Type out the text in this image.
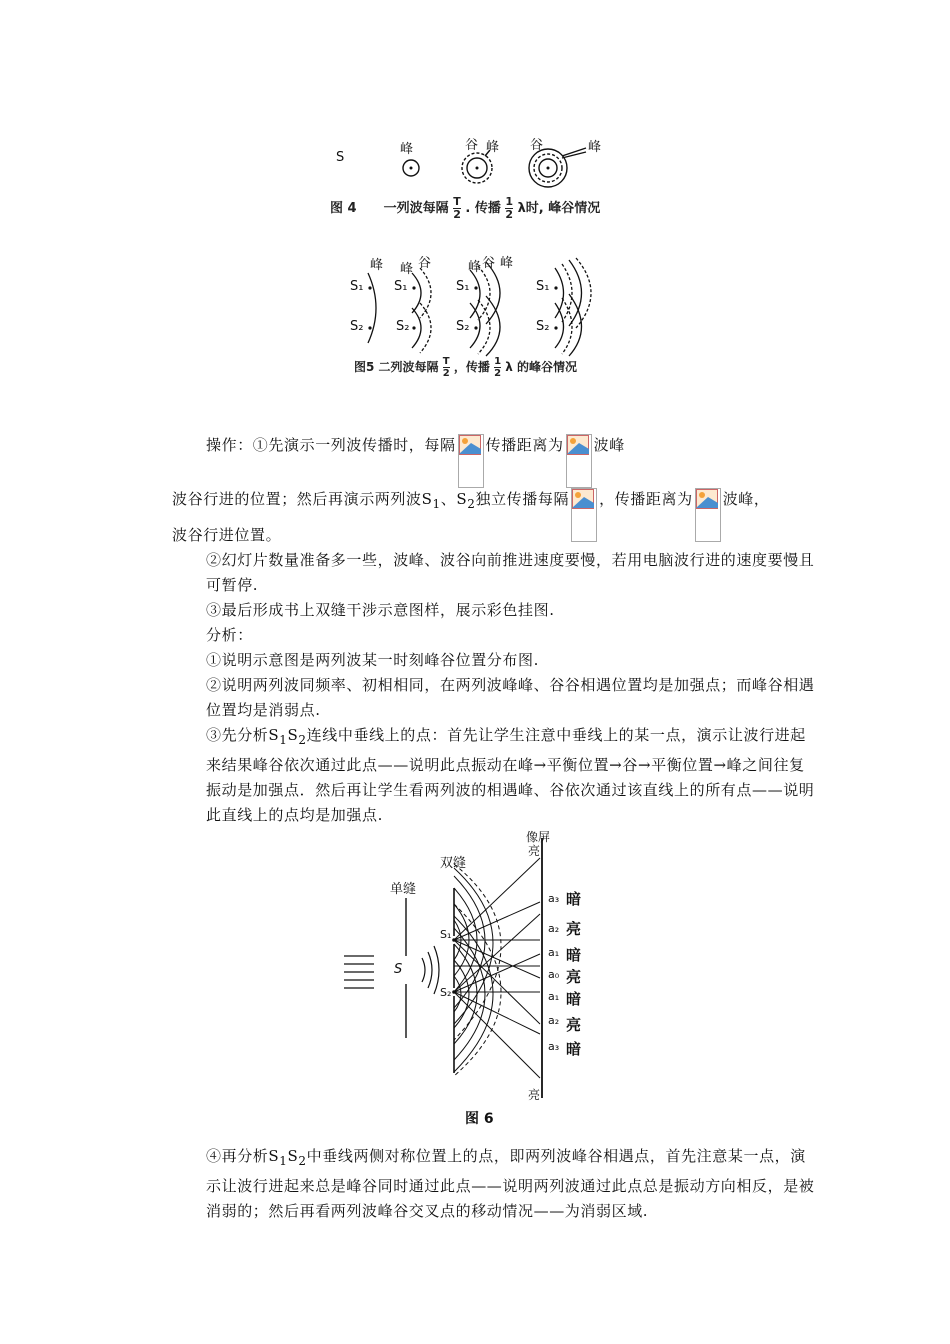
S
峰	谷 峰 谷	峰
图 4 一列波每隔 $\frac{T}{2}$ . 传播 $\frac{1}{2}$ λ时, 峰谷情况
峰 峰 谷	峰 谷 峰
S₁
S₂
S₁
S₂
S₁
S₂
S₁
S₂
图5 二列波每隔 $\frac{T}{2}$ ，传播 $\frac{1}{2}$ λ 的峰谷情况
操作：①先演示一列波传播时，每隔 传播距离为 波峰
波谷行进的位置；然后再演示两列波$S_1$、$S_2$独立传播每隔 ，传播距离为 波峰，
波谷行进位置。
②幻灯片数量准备多一些，波峰、波谷向前推进速度要慢，若用电脑波行进的速度要慢且可暂停.
③最后形成书上双缝干涉示意图样，展示彩色挂图.
分析：
①说明示意图是两列波某一时刻峰谷位置分布图.
②说明两列波同频率、初相相同，在两列波峰峰、谷谷相遇位置均是加强点；而峰谷相遇位置均是消弱点.
③先分析$S_1S_2$连线中垂线上的点：首先让学生注意中垂线上的某一点，演示让波行进起来结果峰谷依次通过此点——说明此点振动在峰→平衡位置→谷→平衡位置→峰之间往复振动是加强点．然后再让学生看两列波的相遇峰、谷依次通过该直线上的所有点——说明此直线上的点均是加强点.
单缝
双缝
像屏
亮
S
S₁
S₂
a₃ 暗
a₂ 亮
a₁ 暗
a₀ 亮
a₁ 暗
a₂ 亮
a₃ 暗
亮
图 6
④再分析$S_1S_2$中垂线两侧对称位置上的点，即两列波峰谷相遇点，首先注意某一点，演示让波行进起来总是峰谷同时通过此点——说明两列波通过此点总是振动方向相反，是被消弱的；然后再看两列波峰谷交叉点的移动情况——为消弱区域.
